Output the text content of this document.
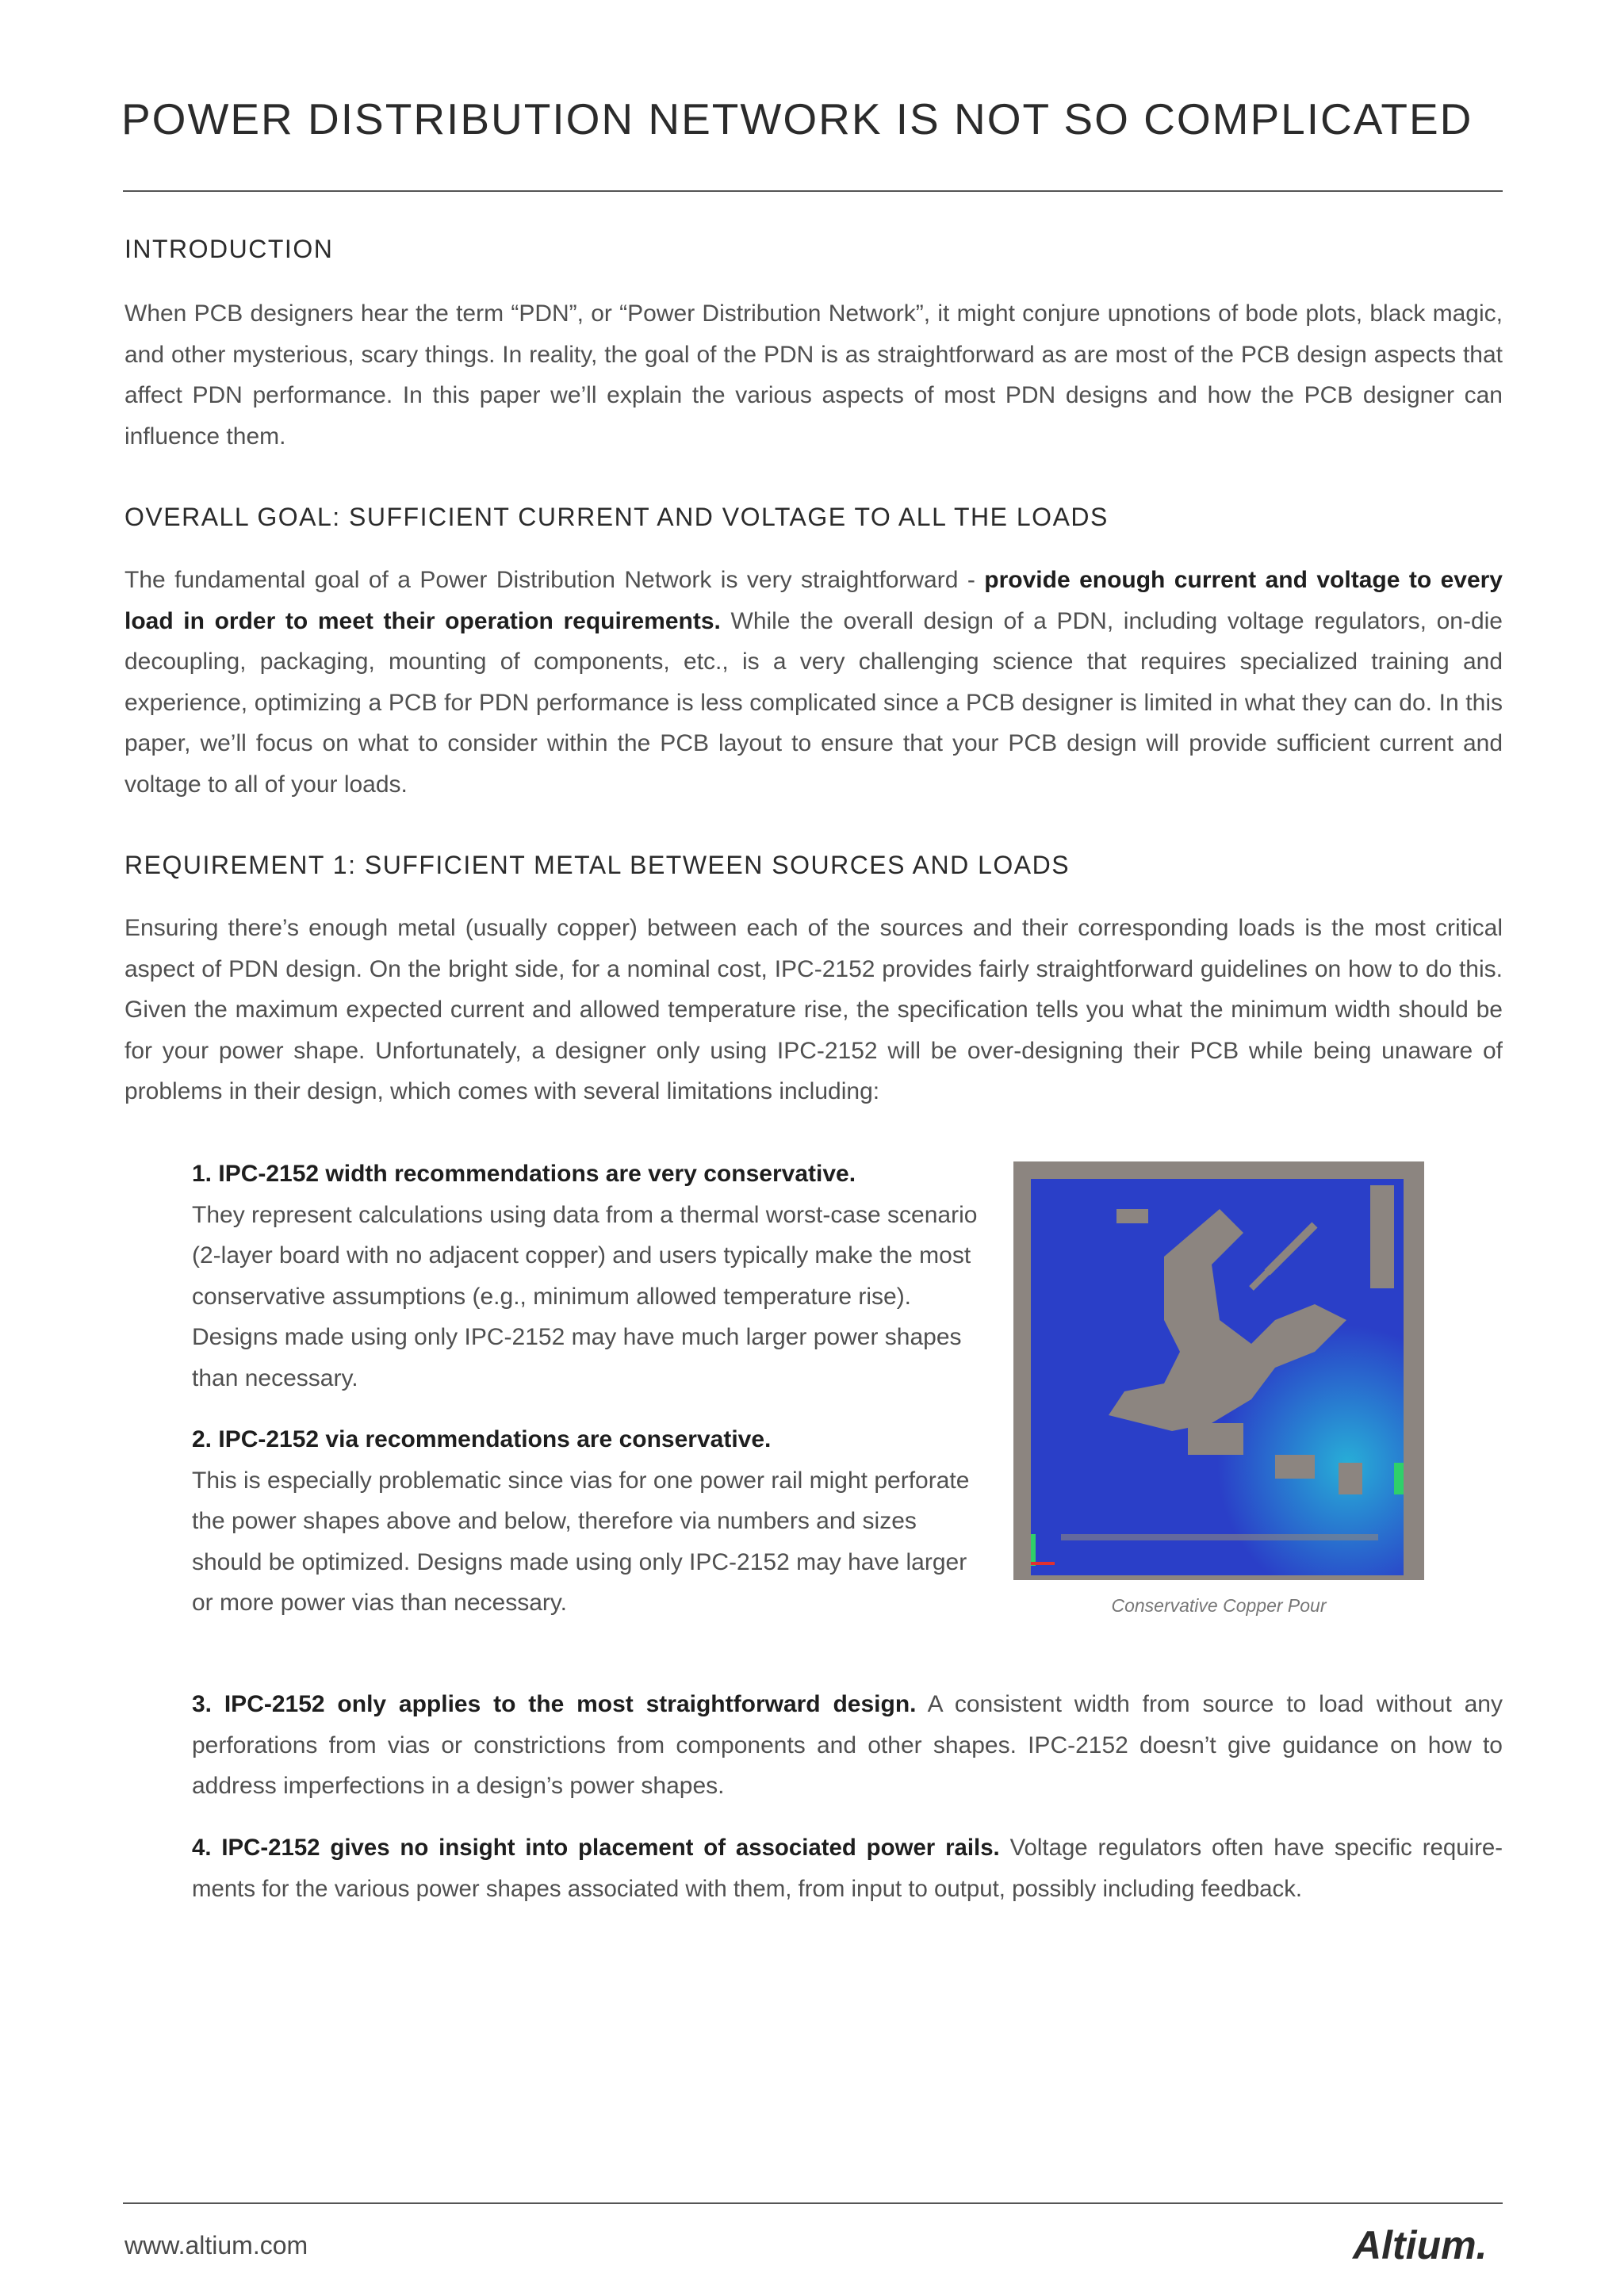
POWER DISTRIBUTION NETWORK IS NOT SO COMPLICATED
INTRODUCTION

When PCB designers hear the term “PDN”, or “Power Distribution Network”, it might conjure upnotions of bode plots, black magic, and other mysterious, scary things. In reality, the goal of the PDN is as straightforward as are most of the PCB design aspects that affect PDN performance. In this paper we’ll explain the various aspects of most PDN designs and how the PCB designer can influence them.

OVERALL GOAL: SUFFICIENT CURRENT AND VOLTAGE TO ALL THE LOADS

The fundamental goal of a Power Distribution Network is very straightforward - provide enough current and voltage to every load in order to meet their operation requirements. While the overall design of a PDN, including voltage regulators, on-die decoupling, packaging, mounting of components, etc., is a very challenging science that requires specialized training and experience, optimizing a PCB for PDN performance is less complicated since a PCB designer is limited in what they can do. In this paper, we’ll focus on what to consider within the PCB layout to ensure that your PCB design will provide sufficient current and voltage to all of your loads.

REQUIREMENT 1: SUFFICIENT METAL BETWEEN SOURCES AND LOADS

Ensuring there’s enough metal (usually copper) between each of the sources and their corresponding loads is the most critical aspect of PDN design. On the bright side, for a nominal cost, IPC-2152 provides fairly straightforward guidelines on how to do this. Given the maximum expected current and allowed temperature rise, the specification tells you what the minimum width should be for your power shape. Unfortunately, a designer only using IPC-2152 will be over-designing their PCB while being unaware of problems in their design, which comes with several limitations including:

1. IPC-2152 width recommendations are very conservative.
They represent calculations using data from a thermal worst-case scenario (2-layer board with no adjacent copper) and users typically make the most conservative assumptions (e.g., minimum allowed temperature rise). Designs made using only IPC-2152 may have much larger power shapes than necessary.
2. IPC-2152 via recommendations are conservative.
This is especially problematic since vias for one power rail might perforate the power shapes above and below, therefore via numbers and sizes should be optimized. Designs made using only IPC-2152 may have larger or more power vias than necessary.	Conservative Copper Pour
3. IPC-2152 only applies to the most straightforward design. A consistent width from source to load without any perforations from vias or constrictions from components and other shapes. IPC-2152 doesn’t give guidance on how to address imperfections in a design’s power shapes.
4. IPC-2152 gives no insight into placement of associated power rails. Voltage regulators often have specific require-ments for the various power shapes associated with them, from input to output, possibly including feedback.
www.altium.com	Altium.
